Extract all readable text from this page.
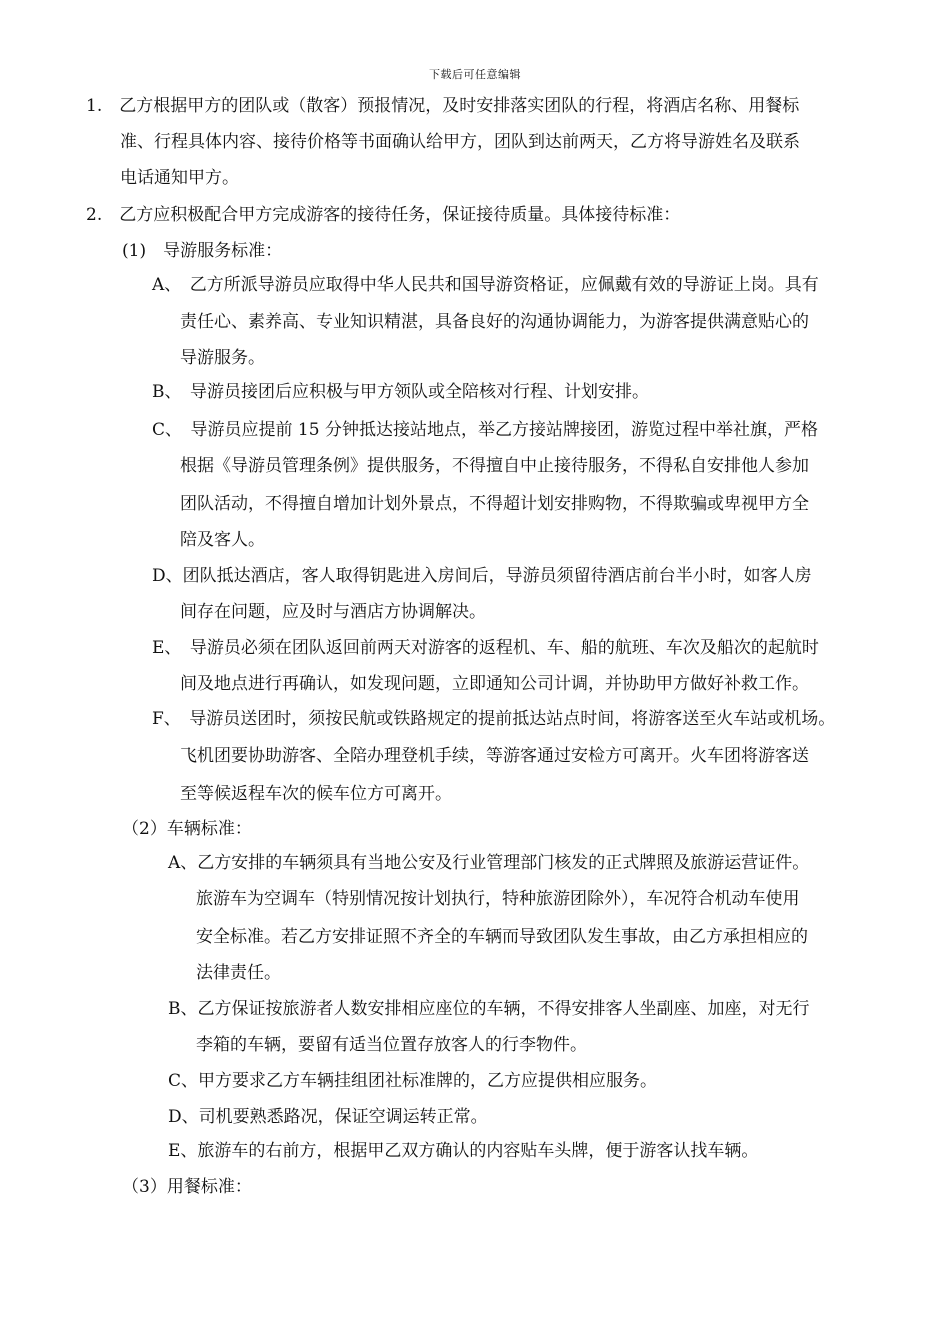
下载后可任意编辑
1.　乙方根据甲方的团队或（散客）预报情况，及时安排落实团队的行程，将酒店名称、用餐标
准、行程具体内容、接待价格等书面确认给甲方，团队到达前两天，乙方将导游姓名及联系
电话通知甲方。
2.　乙方应积极配合甲方完成游客的接待任务，保证接待质量。具体接待标准：
(1)　导游服务标准：
A、　乙方所派导游员应取得中华人民共和国导游资格证，应佩戴有效的导游证上岗。具有
责任心、素养高、专业知识精湛，具备良好的沟通协调能力，为游客提供满意贴心的
导游服务。
B、　导游员接团后应积极与甲方领队或全陪核对行程、计划安排。
C、　导游员应提前 15 分钟抵达接站地点，举乙方接站牌接团，游览过程中举社旗，严格
根据《导游员管理条例》提供服务，不得擅自中止接待服务，不得私自安排他人参加
团队活动，不得擅自增加计划外景点，不得超计划安排购物，不得欺骗或卑视甲方全
陪及客人。
D、团队抵达酒店，客人取得钥匙进入房间后，导游员须留待酒店前台半小时，如客人房
间存在问题，应及时与酒店方协调解决。
E、　导游员必须在团队返回前两天对游客的返程机、车、船的航班、车次及船次的起航时
间及地点进行再确认，如发现问题，立即通知公司计调，并协助甲方做好补救工作。
F、　导游员送团时，须按民航或铁路规定的提前抵达站点时间，将游客送至火车站或机场。
飞机团要协助游客、全陪办理登机手续，等游客通过安检方可离开。火车团将游客送
至等候返程车次的候车位方可离开。
（2）车辆标准：
A、乙方安排的车辆须具有当地公安及行业管理部门核发的正式牌照及旅游运营证件。
旅游车为空调车（特别情况按计划执行，特种旅游团除外），车况符合机动车使用
安全标准。若乙方安排证照不齐全的车辆而导致团队发生事故，由乙方承担相应的
法律责任。
B、乙方保证按旅游者人数安排相应座位的车辆，不得安排客人坐副座、加座，对无行
李箱的车辆，要留有适当位置存放客人的行李物件。
C、甲方要求乙方车辆挂组团社标准牌的，乙方应提供相应服务。
D、司机要熟悉路况，保证空调运转正常。
E、旅游车的右前方，根据甲乙双方确认的内容贴车头牌，便于游客认找车辆。
（3）用餐标准：
